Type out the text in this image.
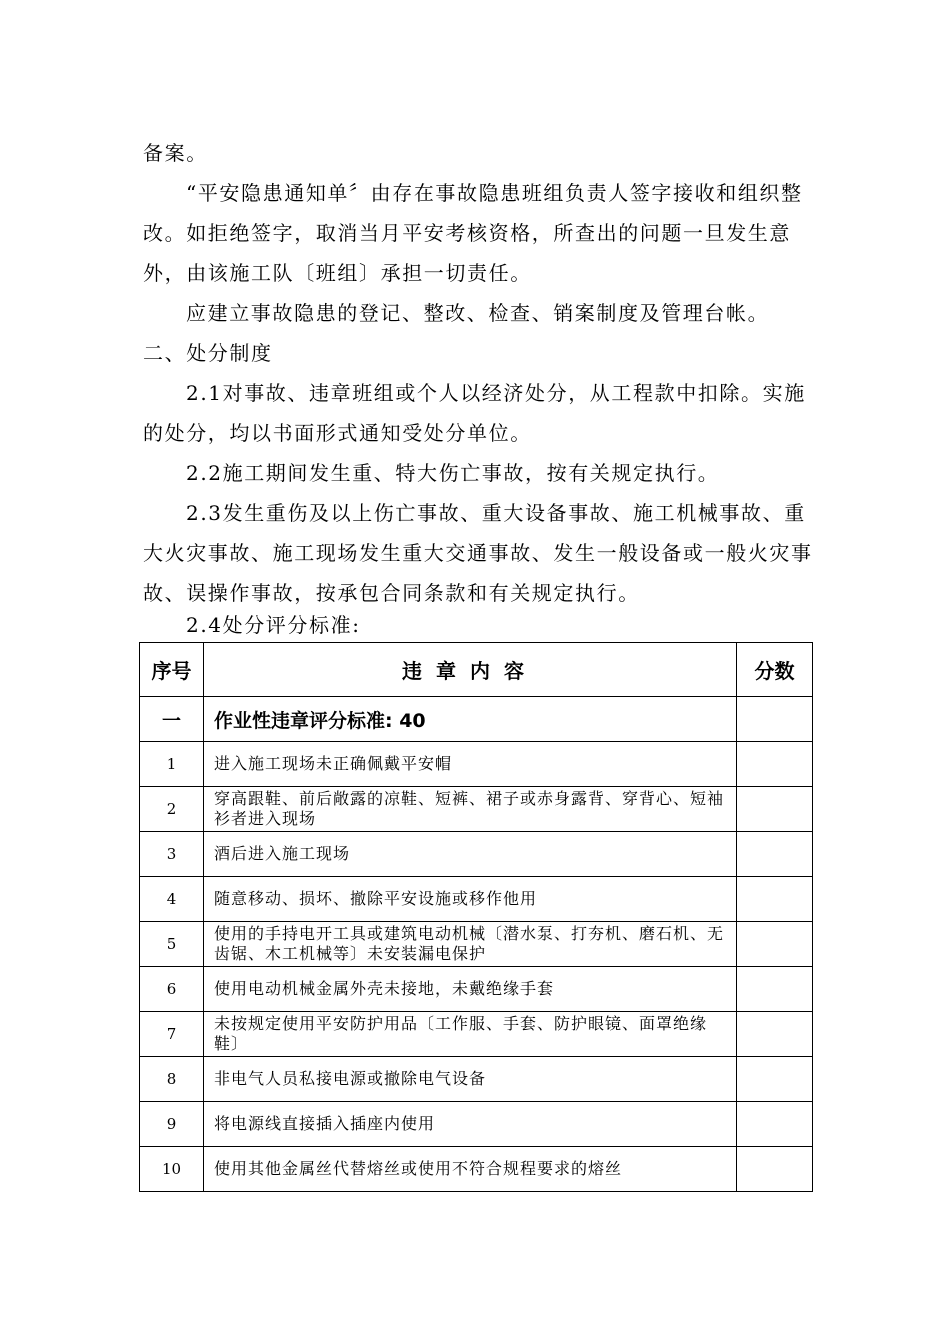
备案。

“平安隐患通知单〞由存在事故隐患班组负责人签字接收和组织整改。如拒绝签字，取消当月平安考核资格，所查出的问题一旦发生意外，由该施工队〔班组〕承担一切责任。

应建立事故隐患的登记、整改、检查、销案制度及管理台帐。

二、处分制度

2.1对事故、违章班组或个人以经济处分，从工程款中扣除。实施的处分，均以书面形式通知受处分单位。

2.2施工期间发生重、特大伤亡事故，按有关规定执行。

2.3发生重伤及以上伤亡事故、重大设备事故、施工机械事故、重大火灾事故、施工现场发生重大交通事故、发生一般设备或一般火灾事故、误操作事故，按承包合同条款和有关规定执行。

2.4处分评分标准:

序号	违章内容	分数
一	作业性违章评分标准: 40	
1	进入施工现场未正确佩戴平安帽	
2	穿高跟鞋、前后敞露的凉鞋、短裤、裙子或赤身露背、穿背心、短袖衫者进入现场	
3	酒后进入施工现场	
4	随意移动、损坏、撤除平安设施或移作他用	
5	使用的手持电开工具或建筑电动机械〔潜水泵、打夯机、磨石机、无齿锯、木工机械等〕未安装漏电保护	
6	使用电动机械金属外壳未接地，未戴绝缘手套	
7	未按规定使用平安防护用品〔工作服、手套、防护眼镜、面罩绝缘鞋〕	
8	非电气人员私接电源或撤除电气设备	
9	将电源线直接插入插座内使用	
10	使用其他金属丝代替熔丝或使用不符合规程要求的熔丝	
